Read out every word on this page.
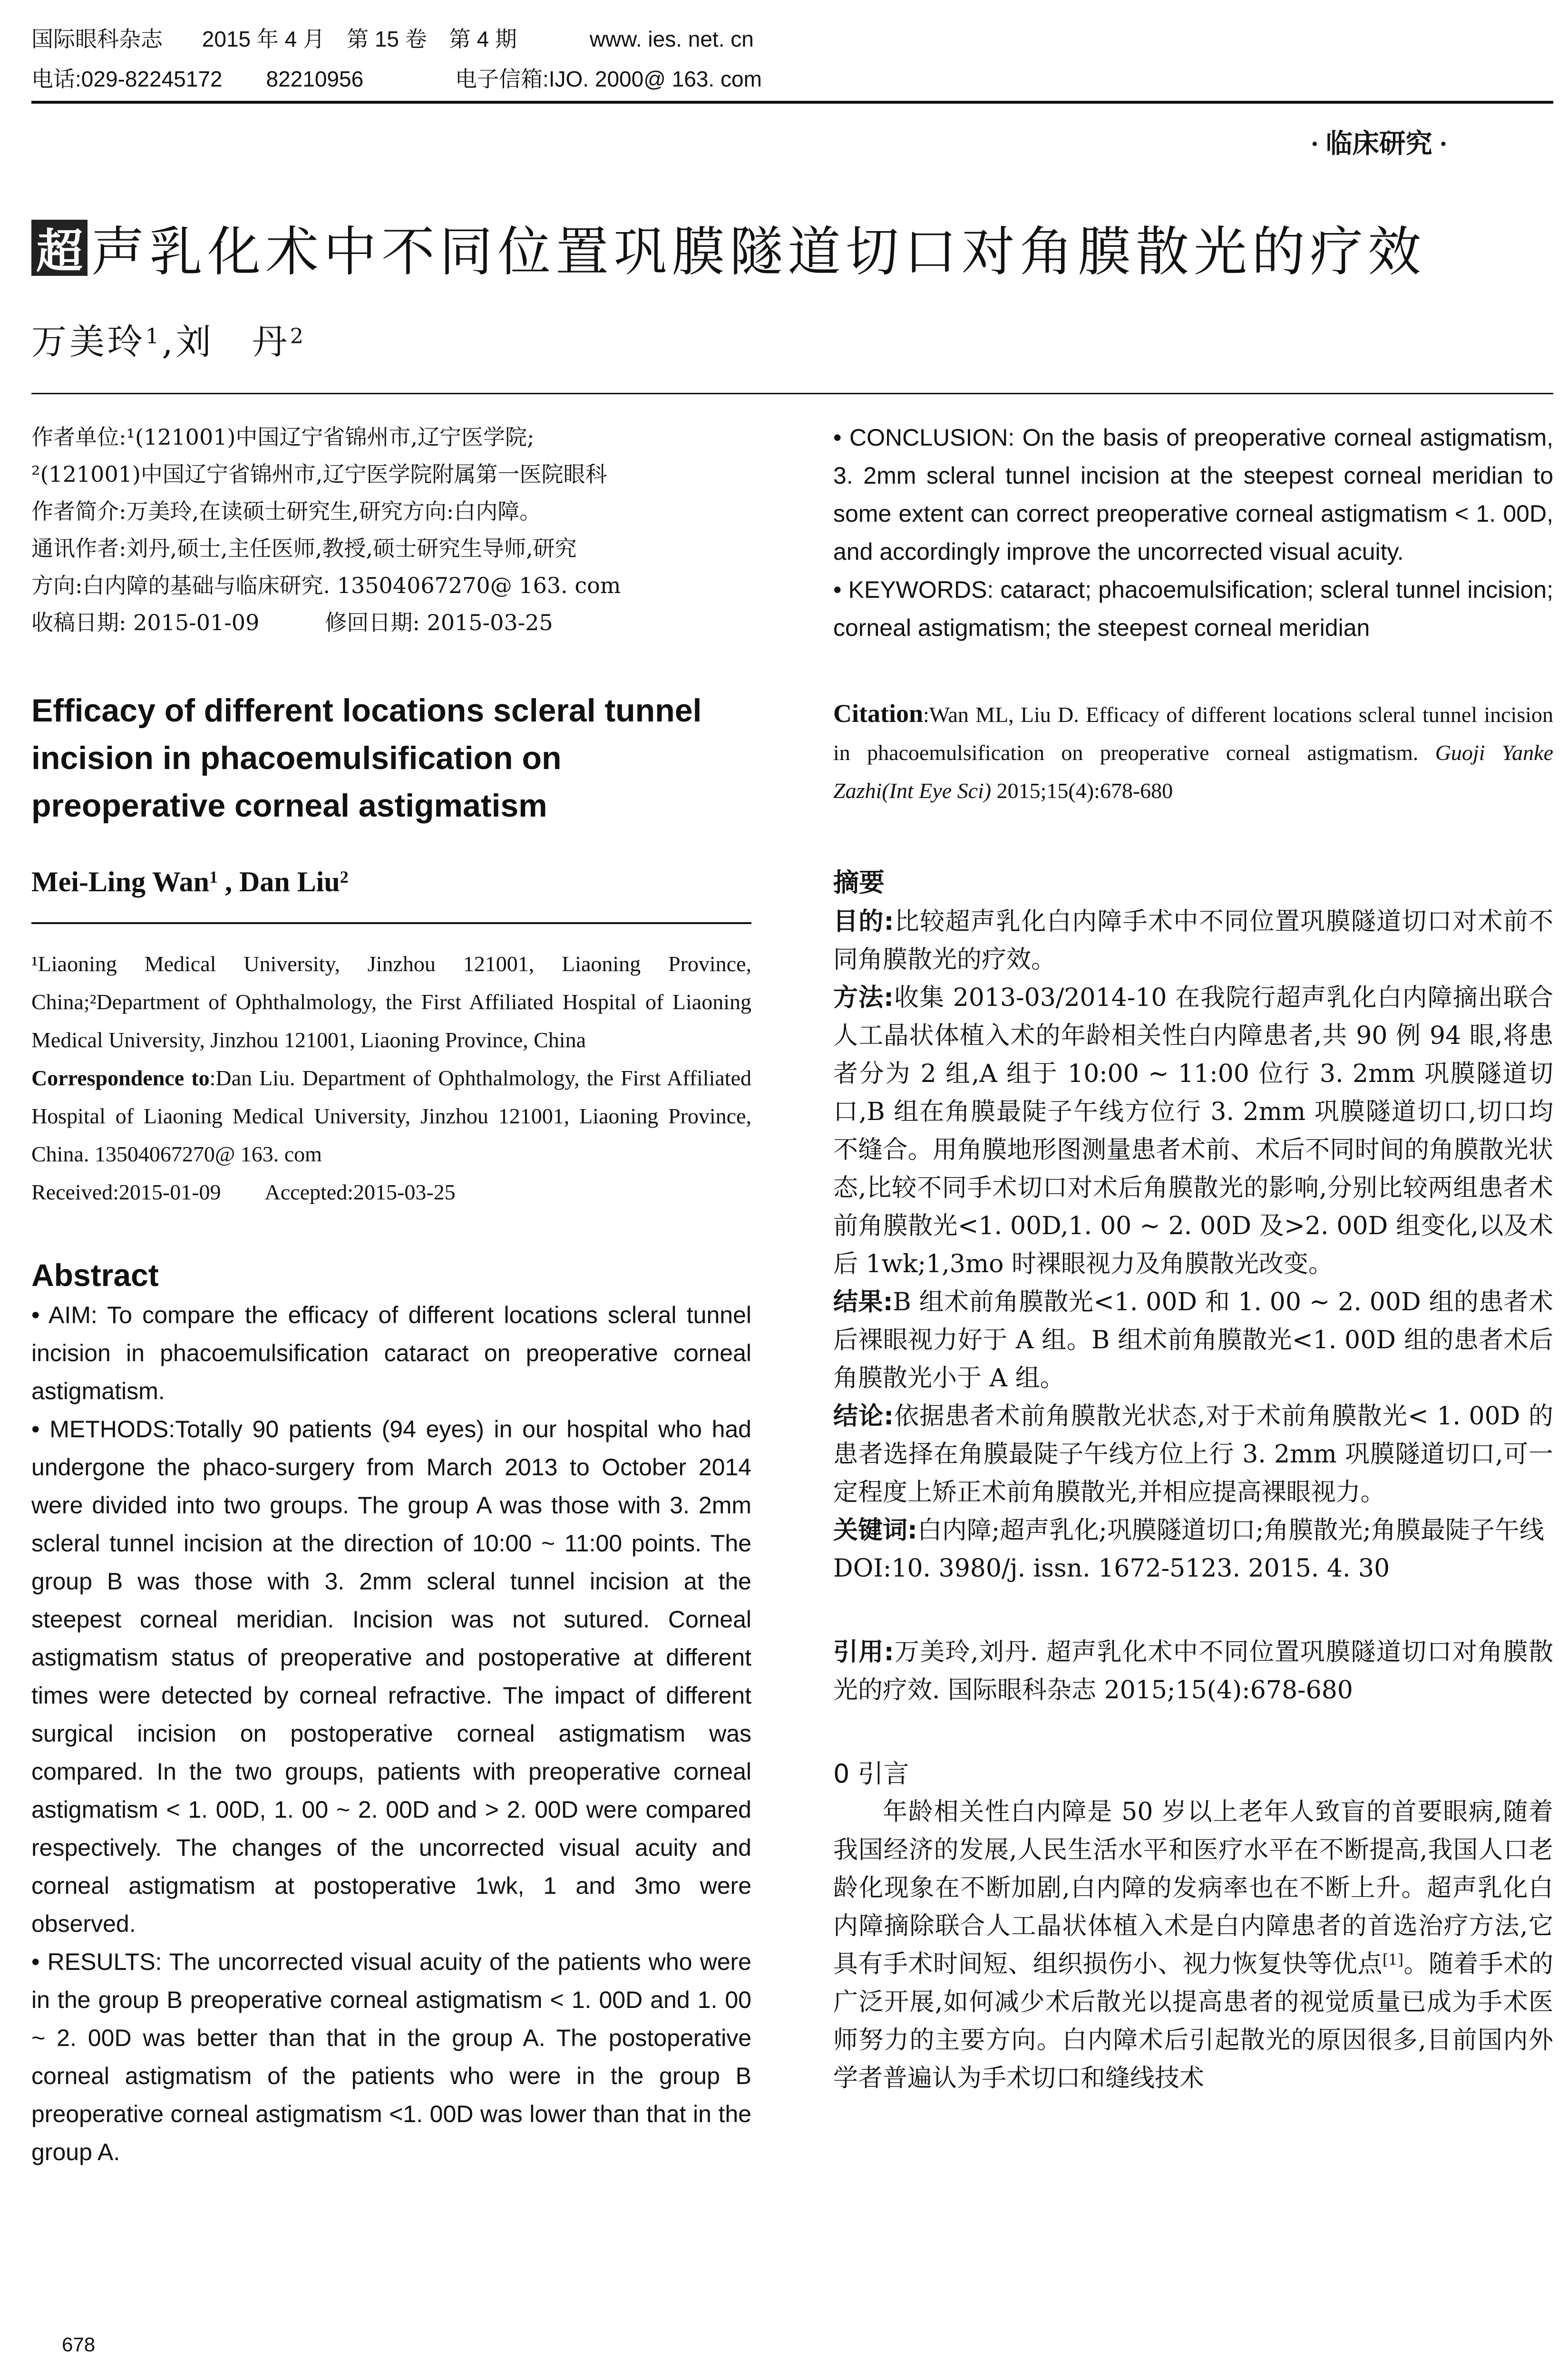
国际眼科杂志 2015 年 4 月　第 15 卷　第 4 期	www. ies. net. cn
电话:029-82245172　　82210956	电子信箱:IJO. 2000@ 163. com
· 临床研究 ·
超 声乳化术中不同位置巩膜隧道切口对角膜散光的疗效
万美玲$^1$,刘　丹$^2$

作者单位:¹(121001)中国辽宁省锦州市,辽宁医学院;

²(121001)中国辽宁省锦州市,辽宁医学院附属第一医院眼科

作者简介:万美玲,在读硕士研究生,研究方向:白内障。

通讯作者:刘丹,硕士,主任医师,教授,硕士研究生导师,研究

方向:白内障的基础与临床研究. 13504067270@ 163. com

收稿日期: 2015-01-09　　　修回日期: 2015-03-25

Efficacy of different locations scleral tunnel incision in phacoemulsification on preoperative corneal astigmatism
Mei-Ling Wan$^1$ , Dan Liu$^2$

¹Liaoning Medical University, Jinzhou 121001, Liaoning Province, China;²Department of Ophthalmology, the First Affiliated Hospital of Liaoning Medical University, Jinzhou 121001, Liaoning Province, China

Correspondence to:Dan Liu. Department of Ophthalmology, the First Affiliated Hospital of Liaoning Medical University, Jinzhou 121001, Liaoning Province, China. 13504067270@ 163. com

Received:2015-01-09　　Accepted:2015-03-25

Abstract

• AIM: To compare the efficacy of different locations scleral tunnel incision in phacoemulsification cataract on preoperative corneal astigmatism.

• METHODS:Totally 90 patients (94 eyes) in our hospital who had undergone the phaco-surgery from March 2013 to October 2014 were divided into two groups. The group A was those with 3. 2mm scleral tunnel incision at the direction of 10:00 ~ 11:00 points. The group B was those with 3. 2mm scleral tunnel incision at the steepest corneal meridian. Incision was not sutured. Corneal astigmatism status of preoperative and postoperative at different times were detected by corneal refractive. The impact of different surgical incision on postoperative corneal astigmatism was compared. In the two groups, patients with preoperative corneal astigmatism < 1. 00D, 1. 00 ~ 2. 00D and > 2. 00D were compared respectively. The changes of the uncorrected visual acuity and corneal astigmatism at postoperative 1wk, 1 and 3mo were observed.

• RESULTS: The uncorrected visual acuity of the patients who were in the group B preoperative corneal astigmatism < 1. 00D and 1. 00 ~ 2. 00D was better than that in the group A. The postoperative corneal astigmatism of the patients who were in the group B preoperative corneal astigmatism <1. 00D was lower than that in the group A.

678

• CONCLUSION: On the basis of preoperative corneal astigmatism, 3. 2mm scleral tunnel incision at the steepest corneal meridian to some extent can correct preoperative corneal astigmatism < 1. 00D, and accordingly improve the uncorrected visual acuity.

• KEYWORDS: cataract; phacoemulsification; scleral tunnel incision; corneal astigmatism; the steepest corneal meridian

Citation:Wan ML, Liu D. Efficacy of different locations scleral tunnel incision in phacoemulsification on preoperative corneal astigmatism. Guoji Yanke Zazhi(Int Eye Sci) 2015;15(4):678-680

摘要

目的:比较超声乳化白内障手术中不同位置巩膜隧道切口对术前不同角膜散光的疗效。

方法:收集 2013-03/2014-10 在我院行超声乳化白内障摘出联合人工晶状体植入术的年龄相关性白内障患者,共 90 例 94 眼,将患者分为 2 组,A 组于 10:00 ~ 11:00 位行 3. 2mm 巩膜隧道切口,B 组在角膜最陡子午线方位行 3. 2mm 巩膜隧道切口,切口均不缝合。用角膜地形图测量患者术前、术后不同时间的角膜散光状态,比较不同手术切口对术后角膜散光的影响,分别比较两组患者术前角膜散光<1. 00D,1. 00 ~ 2. 00D 及>2. 00D 组变化,以及术后 1wk;1,3mo 时裸眼视力及角膜散光改变。

结果:B 组术前角膜散光<1. 00D 和 1. 00 ~ 2. 00D 组的患者术后裸眼视力好于 A 组。B 组术前角膜散光<1. 00D 组的患者术后角膜散光小于 A 组。

结论:依据患者术前角膜散光状态,对于术前角膜散光< 1. 00D 的患者选择在角膜最陡子午线方位上行 3. 2mm 巩膜隧道切口,可一定程度上矫正术前角膜散光,并相应提高裸眼视力。

关键词:白内障;超声乳化;巩膜隧道切口;角膜散光;角膜最陡子午线

DOI:10. 3980/j. issn. 1672-5123. 2015. 4. 30

引用:万美玲,刘丹. 超声乳化术中不同位置巩膜隧道切口对角膜散光的疗效. 国际眼科杂志 2015;15(4):678-680

0 引言

年龄相关性白内障是 50 岁以上老年人致盲的首要眼病,随着我国经济的发展,人民生活水平和医疗水平在不断提高,我国人口老龄化现象在不断加剧,白内障的发病率也在不断上升。超声乳化白内障摘除联合人工晶状体植入术是白内障患者的首选治疗方法,它具有手术时间短、组织损伤小、视力恢复快等优点[1]。随着手术的广泛开展,如何减少术后散光以提高患者的视觉质量已成为手术医师努力的主要方向。白内障术后引起散光的原因很多,目前国内外学者普遍认为手术切口和缝线技术
